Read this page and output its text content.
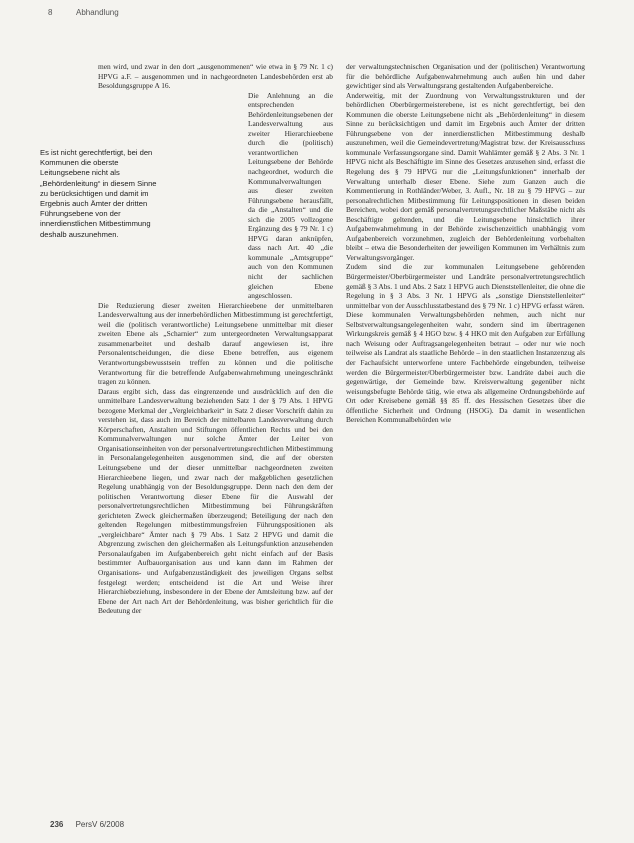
8	Abhandlung
Es ist nicht gerechtfertigt, bei den Kommunen die oberste Leitungsebene nicht als „Behördenleitung“ in diesem Sinne zu berücksichtigen und damit im Ergebnis auch Ämter der dritten Führungsebene von der innerdienstlichen Mitbestimmung deshalb auszunehmen.

men wird, und zwar in den dort „ausgenommenen“ wie etwa in § 79 Nr. 1 c) HPVG a.F. – ausgenommen und in nachgeordneten Landesbehörden erst ab Besoldungsgruppe A 16.

Die Anlehnung an die entsprechenden Behördenleitungsebenen der Landesverwaltung aus zweiter Hierarchieebene durch die (politisch) verantwortlichen Leitungsebene der Behörde nachgeordnet, wodurch die Kommunalverwaltungen aus dieser zweiten Führungsebene herausfällt, da die „Anstalten“ und die sich die 2005 vollzogene Ergänzung des § 79 Nr. 1 c) HPVG daran anknüpfen, dass nach Art. 40 „die kommunale „Amtsgruppe“ auch von den Kommunen nicht der sachlichen gleichen Ebene angeschlossen.

Die Reduzierung dieser zweiten Hierarchieebene der unmittelbaren Landesverwaltung aus der innerbehördlichen Mitbestimmung ist gerechtfertigt, weil die (politisch verantwortliche) Leitungsebene unmittelbar mit dieser zweiten Ebene als „Scharnier“ zum untergeordneten Verwaltungsapparat zusammenarbeitet und deshalb darauf angewiesen ist, ihre Personalentscheidungen, die diese Ebene betreffen, aus eigenem Verantwortungsbewusstsein treffen zu können und die politische Verantwortung für die betreffende Aufgabenwahrnehmung uneingeschränkt tragen zu können.

Daraus ergibt sich, dass das eingrenzende und ausdrücklich auf den die unmittelbare Landesverwaltung beziehenden Satz 1 der § 79 Abs. 1 HPVG bezogene Merkmal der „Vergleichbarkeit“ in Satz 2 dieser Vorschrift dahin zu verstehen ist, dass auch im Bereich der mittelbaren Landesverwaltung durch Körperschaften, Anstalten und Stiftungen öffentlichen Rechts und bei den Kommunalverwaltungen nur solche Ämter der Leiter von Organisationseinheiten von der personalvertretungsrechtlichen Mitbestimmung in Personalangelegenheiten ausgenommen sind, die auf der obersten Leitungsebene und der dieser unmittelbar nachgeordneten zweiten Hierarchieebene liegen, und zwar nach der maßgeblichen gesetzlichen Regelung unabhängig von der Besoldungsgruppe. Denn nach den dem der politischen Verantwortung dieser Ebene für die Auswahl der personalvertretungsrechtlichen Mitbestimmung bei Führungskräften gerichteten Zweck gleichermaßen überzeugend; Beteiligung der nach den geltenden Regelungen mitbestimmungsfreien Führungspositionen als „vergleichbare“ Ämter nach § 79 Abs. 1 Satz 2 HPVG und damit die Abgrenzung zwischen den gleichermaßen als Leitungsfunktion anzusehenden Personalaufgaben im Aufgabenbereich geht nicht einfach auf der Basis bestimmter Aufbauorganisation aus und kann dann im Rahmen der Organisations- und Aufgabenzuständigkeit des jeweiligen Organs selbst festgelegt werden; entscheidend ist die Art und Weise ihrer Hierarchiebeziehung, insbesondere in der Ebene der Amtsleitung bzw. auf der Ebene der Art nach Art der Behördenleitung, was bisher gerichtlich für die Bedeutung der

der verwaltungstechnischen Organisation und der (politischen) Verantwortung für die behördliche Aufgabenwahrnehmung auch außen hin und daher gewichtiger sind als Verwaltungsrang gestaltenden Aufgabenbereiche.

Anderweitig, mit der Zuordnung von Verwaltungsstrukturen und der behördlichen Oberbürgermeisterebene, ist es nicht gerechtfertigt, bei den Kommunen die oberste Leitungsebene nicht als „Behördenleitung“ in diesem Sinne zu berücksichtigen und damit im Ergebnis auch Ämter der dritten Führungsebene von der innerdienstlichen Mitbestimmung deshalb auszunehmen, weil die Gemeindevertretung/Magistrat bzw. der Kreisausschuss kommunale Verfassungsorgane sind. Damit Wahlämter gemäß § 2 Abs. 3 Nr. 1 HPVG nicht als Beschäftigte im Sinne des Gesetzes anzusehen sind, erfasst die Regelung des § 79 HPVG nur die „Leitungsfunktionen“ innerhalb der Verwaltung unterhalb dieser Ebene. Siehe zum Ganzen auch die Kommentierung in Rothländer/Weber, 3. Aufl., Nr. 18 zu § 79 HPVG – zur personalrechtlichen Mitbestimmung für Leitungspositionen in diesen beiden Bereichen, wobei dort gemäß personalvertretungsrechtlicher Maßstäbe nicht als Beschäftigte geltenden, und die Leitungsebene hinsichtlich ihrer Aufgabenwahrnehmung in der Behörde zwischenzeitlich unabhängig vom Aufgabenbereich vorzunehmen, zugleich der Behördenleitung vorbehalten bleibt – etwa die Besonderheiten der jeweiligen Kommunen im Verhältnis zum Verwaltungsvorgänger.

Zudem sind die zur kommunalen Leitungsebene gehörenden Bürgermeister/Oberbürgermeister und Landräte personalvertretungsrechtlich gemäß § 3 Abs. 1 und Abs. 2 Satz 1 HPVG auch Dienststellenleiter, die ohne die Regelung in § 3 Abs. 3 Nr. 1 HPVG als „sonstige Dienststellenleiter“ unmittelbar von der Ausschlusstatbestand des § 79 Nr. 1 c) HPVG erfasst wären.

Diese kommunalen Verwaltungsbehörden nehmen, auch nicht nur Selbstverwaltungsangelegenheiten wahr, sondern sind im übertragenen Wirkungskreis gemäß § 4 HGO bzw. § 4 HKO mit den Aufgaben zur Erfüllung nach Weisung oder Auftragsangelegenheiten betraut – oder nur wie noch teilweise als Landrat als staatliche Behörde – in den staatlichen Instanzenzug als der Fachaufsicht unterworfene untere Fachbehörde eingebunden, teilweise werden die Bürgermeister/Oberbürgermeister bzw. Landräte dabei auch die gegenwärtige, der Gemeinde bzw. Kreisverwaltung gegenüber nicht weisungsbefugte Behörde tätig, wie etwa als allgemeine Ordnungsbehörde auf Ort oder Kreisebene gemäß §§ 85 ff. des Hessischen Gesetzes über die öffentliche Sicherheit und Ordnung (HSOG). Da damit in wesentlichen Bereichen Kommunalbehörden wie

236 PersV 6/2008
